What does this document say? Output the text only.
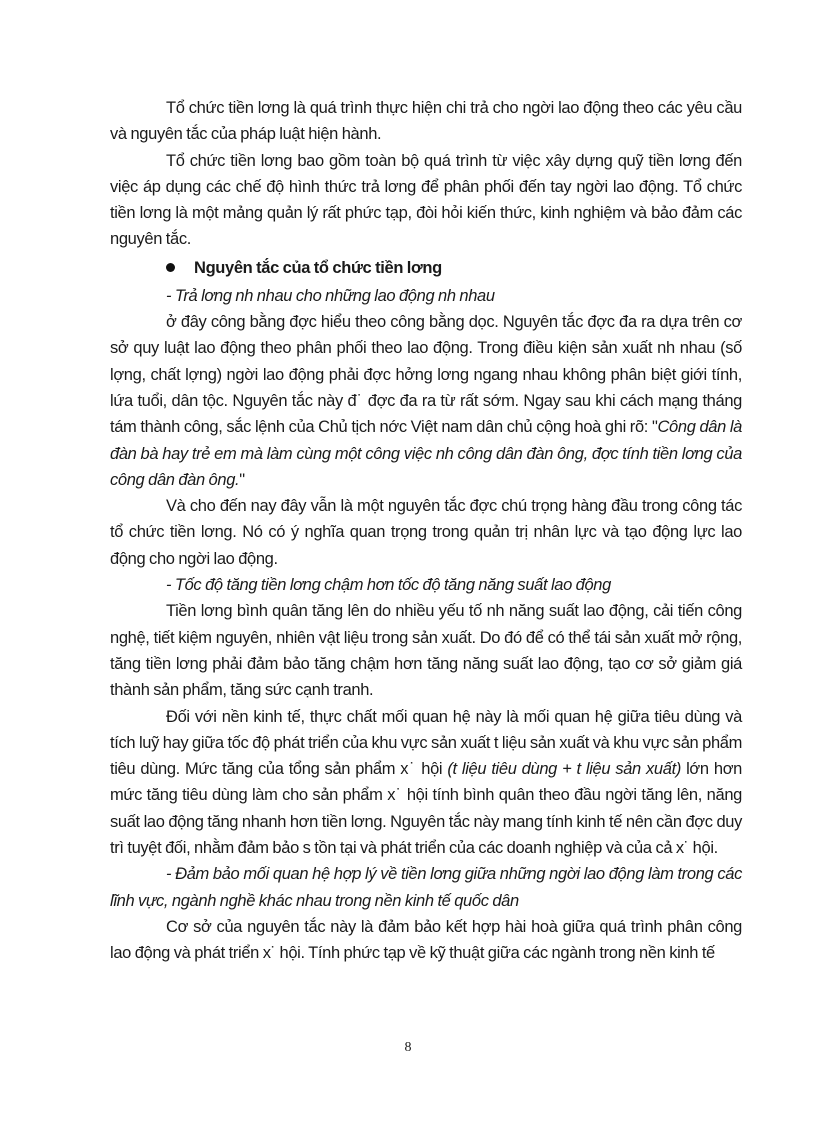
Tổ chức tiền lơng là quá trình thực hiện chi trả cho ngời lao động theo các yêu cầu và nguyên tắc của pháp luật hiện hành.

Tổ chức tiền lơng bao gồm toàn bộ quá trình từ việc xây dựng quỹ tiền lơng đến việc áp dụng các chế độ hình thức trả lơng để phân phối đến tay ngời lao động. Tổ chức tiền lơng là một mảng quản lý rất phức tạp, đòi hỏi kiến thức, kinh nghiệm và bảo đảm các nguyên tắc.

Nguyên tắc của tổ chức tiền lơng

- Trả lơng nh nhau cho những lao động nh nhau

ở đây công bằng đợc hiểu theo công bằng dọc. Nguyên tắc đợc đa ra dựa trên cơ sở quy luật lao động theo phân phối theo lao động. Trong điều kiện sản xuất nh nhau (số lợng, chất lợng) ngời lao động phải đợc hởng lơng ngang nhau không phân biệt giới tính, lứa tuổi, dân tộc. Nguyên tắc này đ˙ đợc đa ra từ rất sớm. Ngay sau khi cách mạng tháng tám thành công, sắc lệnh của Chủ tịch nớc Việt nam dân chủ cộng hoà ghi rõ: "Công dân là đàn bà hay trẻ em mà làm cùng một công việc nh công dân đàn ông, đợc tính tiền lơng của công dân đàn ông."

Và cho đến nay đây vẫn là một nguyên tắc đợc chú trọng hàng đầu trong công tác tổ chức tiền lơng. Nó có ý nghĩa quan trọng trong quản trị nhân lực và tạo động lực lao động cho ngời lao động.

- Tốc độ tăng tiền lơng chậm hơn tốc độ tăng năng suất lao động

Tiền lơng bình quân tăng lên do nhiều yếu tố nh năng suất lao động, cải tiến công nghệ, tiết kiệm nguyên, nhiên vật liệu trong sản xuất. Do đó để có thể tái sản xuất mở rộng, tăng tiền lơng phải đảm bảo tăng chậm hơn tăng năng suất lao động, tạo cơ sở giảm giá thành sản phẩm, tăng sức cạnh tranh.

Đối với nền kinh tế, thực chất mối quan hệ này là mối quan hệ giữa tiêu dùng và tích luỹ hay giữa tốc độ phát triển của khu vực sản xuất t liệu sản xuất và khu vực sản phẩm tiêu dùng. Mức tăng của tổng sản phẩm x˙ hội (t liệu tiêu dùng + t liệu sản xuất) lớn hơn mức tăng tiêu dùng làm cho sản phẩm x˙ hội tính bình quân theo đầu ngời tăng lên, năng suất lao động tăng nhanh hơn tiền lơng. Nguyên tắc này mang tính kinh tế nên cần đợc duy trì tuyệt đối, nhằm đảm bảo s tồn tại và phát triển của các doanh nghiệp và của cả x˙ hội.

- Đảm bảo mối quan hệ hợp lý về tiền lơng giữa những ngời lao động làm trong các lĩnh vực, ngành nghề khác nhau trong nền kinh tế quốc dân

Cơ sở của nguyên tắc này là đảm bảo kết hợp hài hoà giữa quá trình phân công lao động và phát triển x˙ hội. Tính phức tạp về kỹ thuật giữa các ngành trong nền kinh tế

8
